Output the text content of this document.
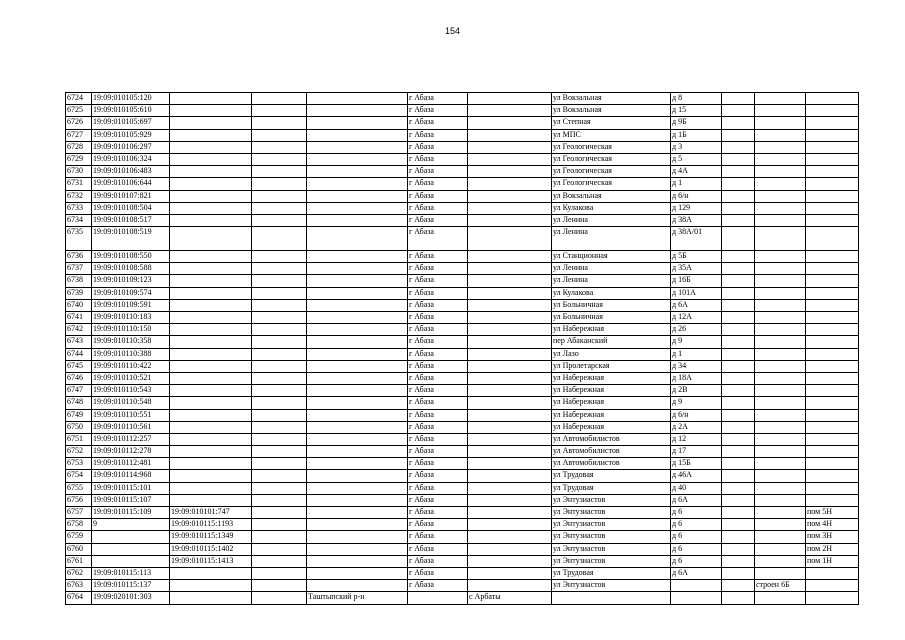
154
6724	19:09:010105:120				г Абаза		ул Вокзальная	д 8			
6725	19:09:010105:610				г Абаза		ул Вокзальная	д 15			
6726	19:09:010105:697				г Абаза		ул Степная	д 9Б			
6727	19:09:010105:929				г Абаза		ул МПС	д 1Б			
6728	19:09:010106:297				г Абаза		ул Геологическая	д 3			
6729	19:09:010106:324				г Абаза		ул Геологическая	д 5			
6730	19:09:010106:483				г Абаза		ул Геологическая	д 4А			
6731	19:09:010106:644				г Абаза		ул Геологическая	д 1			
6732	19:09:010107:821				г Абаза		ул Вокзальная	д 6/н			
6733	19:09:010108:504				г Абаза		ул Кулакова	д 129			
6734	19:09:010108:517				г Абаза		ул Ленина	д 38А			
6735	19:09:010108:519				г Абаза		ул Ленина	д 38А/01			
6736	19:09:010108:550				г Абаза		ул Станционная	д 5Б			
6737	19:09:010108:588				г Абаза		ул Ленина	д 35А			
6738	19:09:010109:123				г Абаза		ул Ленина	д 16Б			
6739	19:09:010109:574				г Абаза		ул Кулакова	д 101А			
6740	19:09:010109:591				г Абаза		ул Больничная	д 6А			
6741	19:09:010110:183				г Абаза		ул Больничная	д 12А			
6742	19:09:010110:150				г Абаза		ул Набережная	д 26			
6743	19:09:010110:358				г Абаза		пер Абаканский	д 9			
6744	19:09:010110:388				г Абаза		ул Лазо	д 1			
6745	19:09:010110:422				г Абаза		ул Пролетарская	д 34			
6746	19:09:010110:521				г Абаза		ул Набережная	д 18А			
6747	19:09:010110:543				г Абаза		ул Набережная	д 2В			
6748	19:09:010110:548				г Абаза		ул Набережная	д 9			
6749	19:09:010110:551				г Абаза		ул Набережная	д 6/н			
6750	19:09:010110:561				г Абаза		ул Набережная	д 2А			
6751	19:09:010112:257				г Абаза		ул Автомобилистов	д 12			
6752	19:09:010112:278				г Абаза		ул Автомобилистов	д 17			
6753	19:09:010112:481				г Абаза		ул Автомобилистов	д 15Б			
6754	19:09:010114:968				г Абаза		ул Трудовая	д 46А			
6755	19:09:010115:101				г Абаза		ул Трудовая	д 40			
6756	19:09:010115:107				г Абаза		ул Энтузиастов	д 6А			
6757	19:09:010115:109	19:09:010101:747			г Абаза		ул Энтузиастов	д 6			пом 5Н
6758	9	19:09:010115:1193			г Абаза		ул Энтузиастов	д 6			пом 4Н
6759		19:09:010115:1349			г Абаза		ул Энтузиастов	д 6			пом 3Н
6760		19:09:010115:1402			г Абаза		ул Энтузиастов	д 6			пом 2Н
6761		19:09:010115:1413			г Абаза		ул Энтузиастов	д 6			пом 1Н
6762	19:09:010115:113				г Абаза		ул Трудовая	д 6А			
6763	19:09:010115:137				г Абаза		ул Энтузиастов			строен 6Б	
6764	19:09:020101:303			Таштыпский р-н		с Арбаты					
